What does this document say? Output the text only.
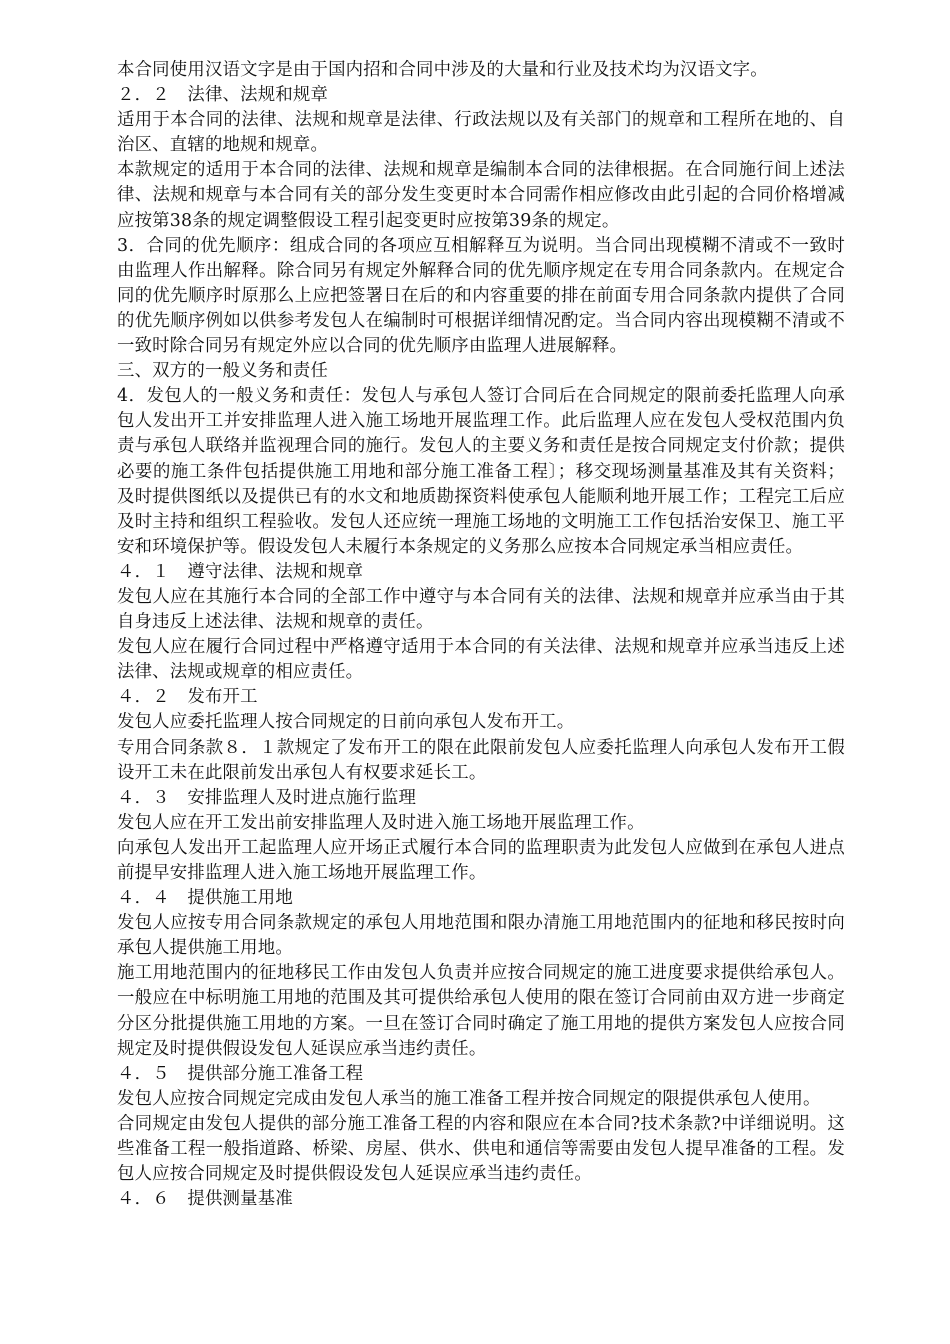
本合同使用汉语文字是由于国内招和合同中涉及的大量和行业及技术均为汉语文字。

２．２　法律、法规和规章

适用于本合同的法律、法规和规章是法律、行政法规以及有关部门的规章和工程所在地的、自治区、直辖的地规和规章。

本款规定的适用于本合同的法律、法规和规章是编制本合同的法律根据。在合同施行间上述法律、法规和规章与本合同有关的部分发生变更时本合同需作相应修改由此引起的合同价格增减应按第38条的规定调整假设工程引起变更时应按第39条的规定。

3．合同的优先顺序：组成合同的各项应互相解释互为说明。当合同出现模糊不清或不一致时由监理人作出解释。除合同另有规定外解释合同的优先顺序规定在专用合同条款内。在规定合同的优先顺序时原那么上应把签署日在后的和内容重要的排在前面专用合同条款内提供了合同的优先顺序例如以供参考发包人在编制时可根据详细情况酌定。当合同内容出现模糊不清或不一致时除合同另有规定外应以合同的优先顺序由监理人进展解释。

三、双方的一般义务和责任

4．发包人的一般义务和责任：发包人与承包人签订合同后在合同规定的限前委托监理人向承包人发出开工并安排监理人进入施工场地开展监理工作。此后监理人应在发包人受权范围内负责与承包人联络并监视理合同的施行。发包人的主要义务和责任是按合同规定支付价款；提供必要的施工条件包括提供施工用地和部分施工准备工程〕；移交现场测量基准及其有关资料；及时提供图纸以及提供已有的水文和地质勘探资料使承包人能顺利地开展工作；工程完工后应及时主持和组织工程验收。发包人还应统一理施工场地的文明施工工作包括治安保卫、施工平安和环境保护等。假设发包人未履行本条规定的义务那么应按本合同规定承当相应责任。

４．１　遵守法律、法规和规章

发包人应在其施行本合同的全部工作中遵守与本合同有关的法律、法规和规章并应承当由于其自身违反上述法律、法规和规章的责任。

发包人应在履行合同过程中严格遵守适用于本合同的有关法律、法规和规章并应承当违反上述法律、法规或规章的相应责任。

４．２　发布开工

发包人应委托监理人按合同规定的日前向承包人发布开工。

专用合同条款８．１款规定了发布开工的限在此限前发包人应委托监理人向承包人发布开工假设开工未在此限前发出承包人有权要求延长工。

４．３　安排监理人及时进点施行监理

发包人应在开工发出前安排监理人及时进入施工场地开展监理工作。

向承包人发出开工起监理人应开场正式履行本合同的监理职责为此发包人应做到在承包人进点前提早安排监理人进入施工场地开展监理工作。

４．４　提供施工用地

发包人应按专用合同条款规定的承包人用地范围和限办清施工用地范围内的征地和移民按时向承包人提供施工用地。

施工用地范围内的征地移民工作由发包人负责并应按合同规定的施工进度要求提供给承包人。一般应在中标明施工用地的范围及其可提供给承包人使用的限在签订合同前由双方进一步商定分区分批提供施工用地的方案。一旦在签订合同时确定了施工用地的提供方案发包人应按合同规定及时提供假设发包人延误应承当违约责任。

４．５　提供部分施工准备工程

发包人应按合同规定完成由发包人承当的施工准备工程并按合同规定的限提供承包人使用。

合同规定由发包人提供的部分施工准备工程的内容和限应在本合同?技术条款?中详细说明。这些准备工程一般指道路、桥梁、房屋、供水、供电和通信等需要由发包人提早准备的工程。发包人应按合同规定及时提供假设发包人延误应承当违约责任。

４．６　提供测量基准
